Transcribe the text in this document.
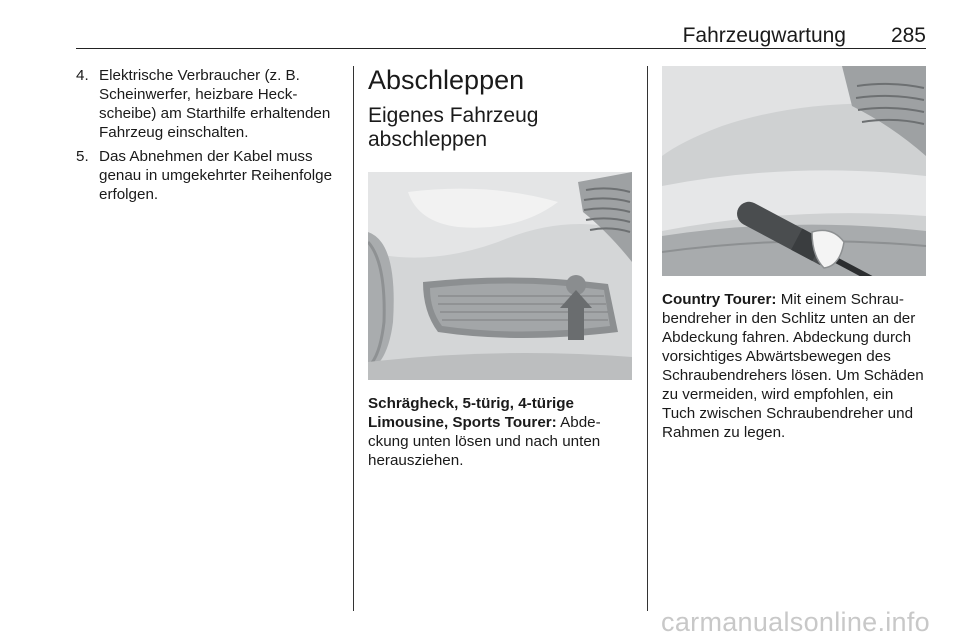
Fahrzeugwartung 285
4. Elektrische Verbraucher (z. B. Scheinwerfer, heizbare Heckscheibe) am Starthilfe erhaltenden Fahrzeug einschalten.
5. Das Abnehmen der Kabel muss genau in umgekehrter Reihenfolge erfolgen.
Abschleppen
Eigenes Fahrzeug abschleppen
Schrägheck, 5-türig, 4-türige Limousine, Sports Tourer: Abdeckung unten lösen und nach unten herausziehen.
Country Tourer: Mit einem Schraubendreher in den Schlitz unten an der Abdeckung fahren. Abdeckung durch vorsichtiges Abwärtsbewegen des Schraubendrehers lösen. Um Schäden zu vermeiden, wird empfohlen, ein Tuch zwischen Schraubendreher und Rahmen zu legen.
carmanualsonline.info
